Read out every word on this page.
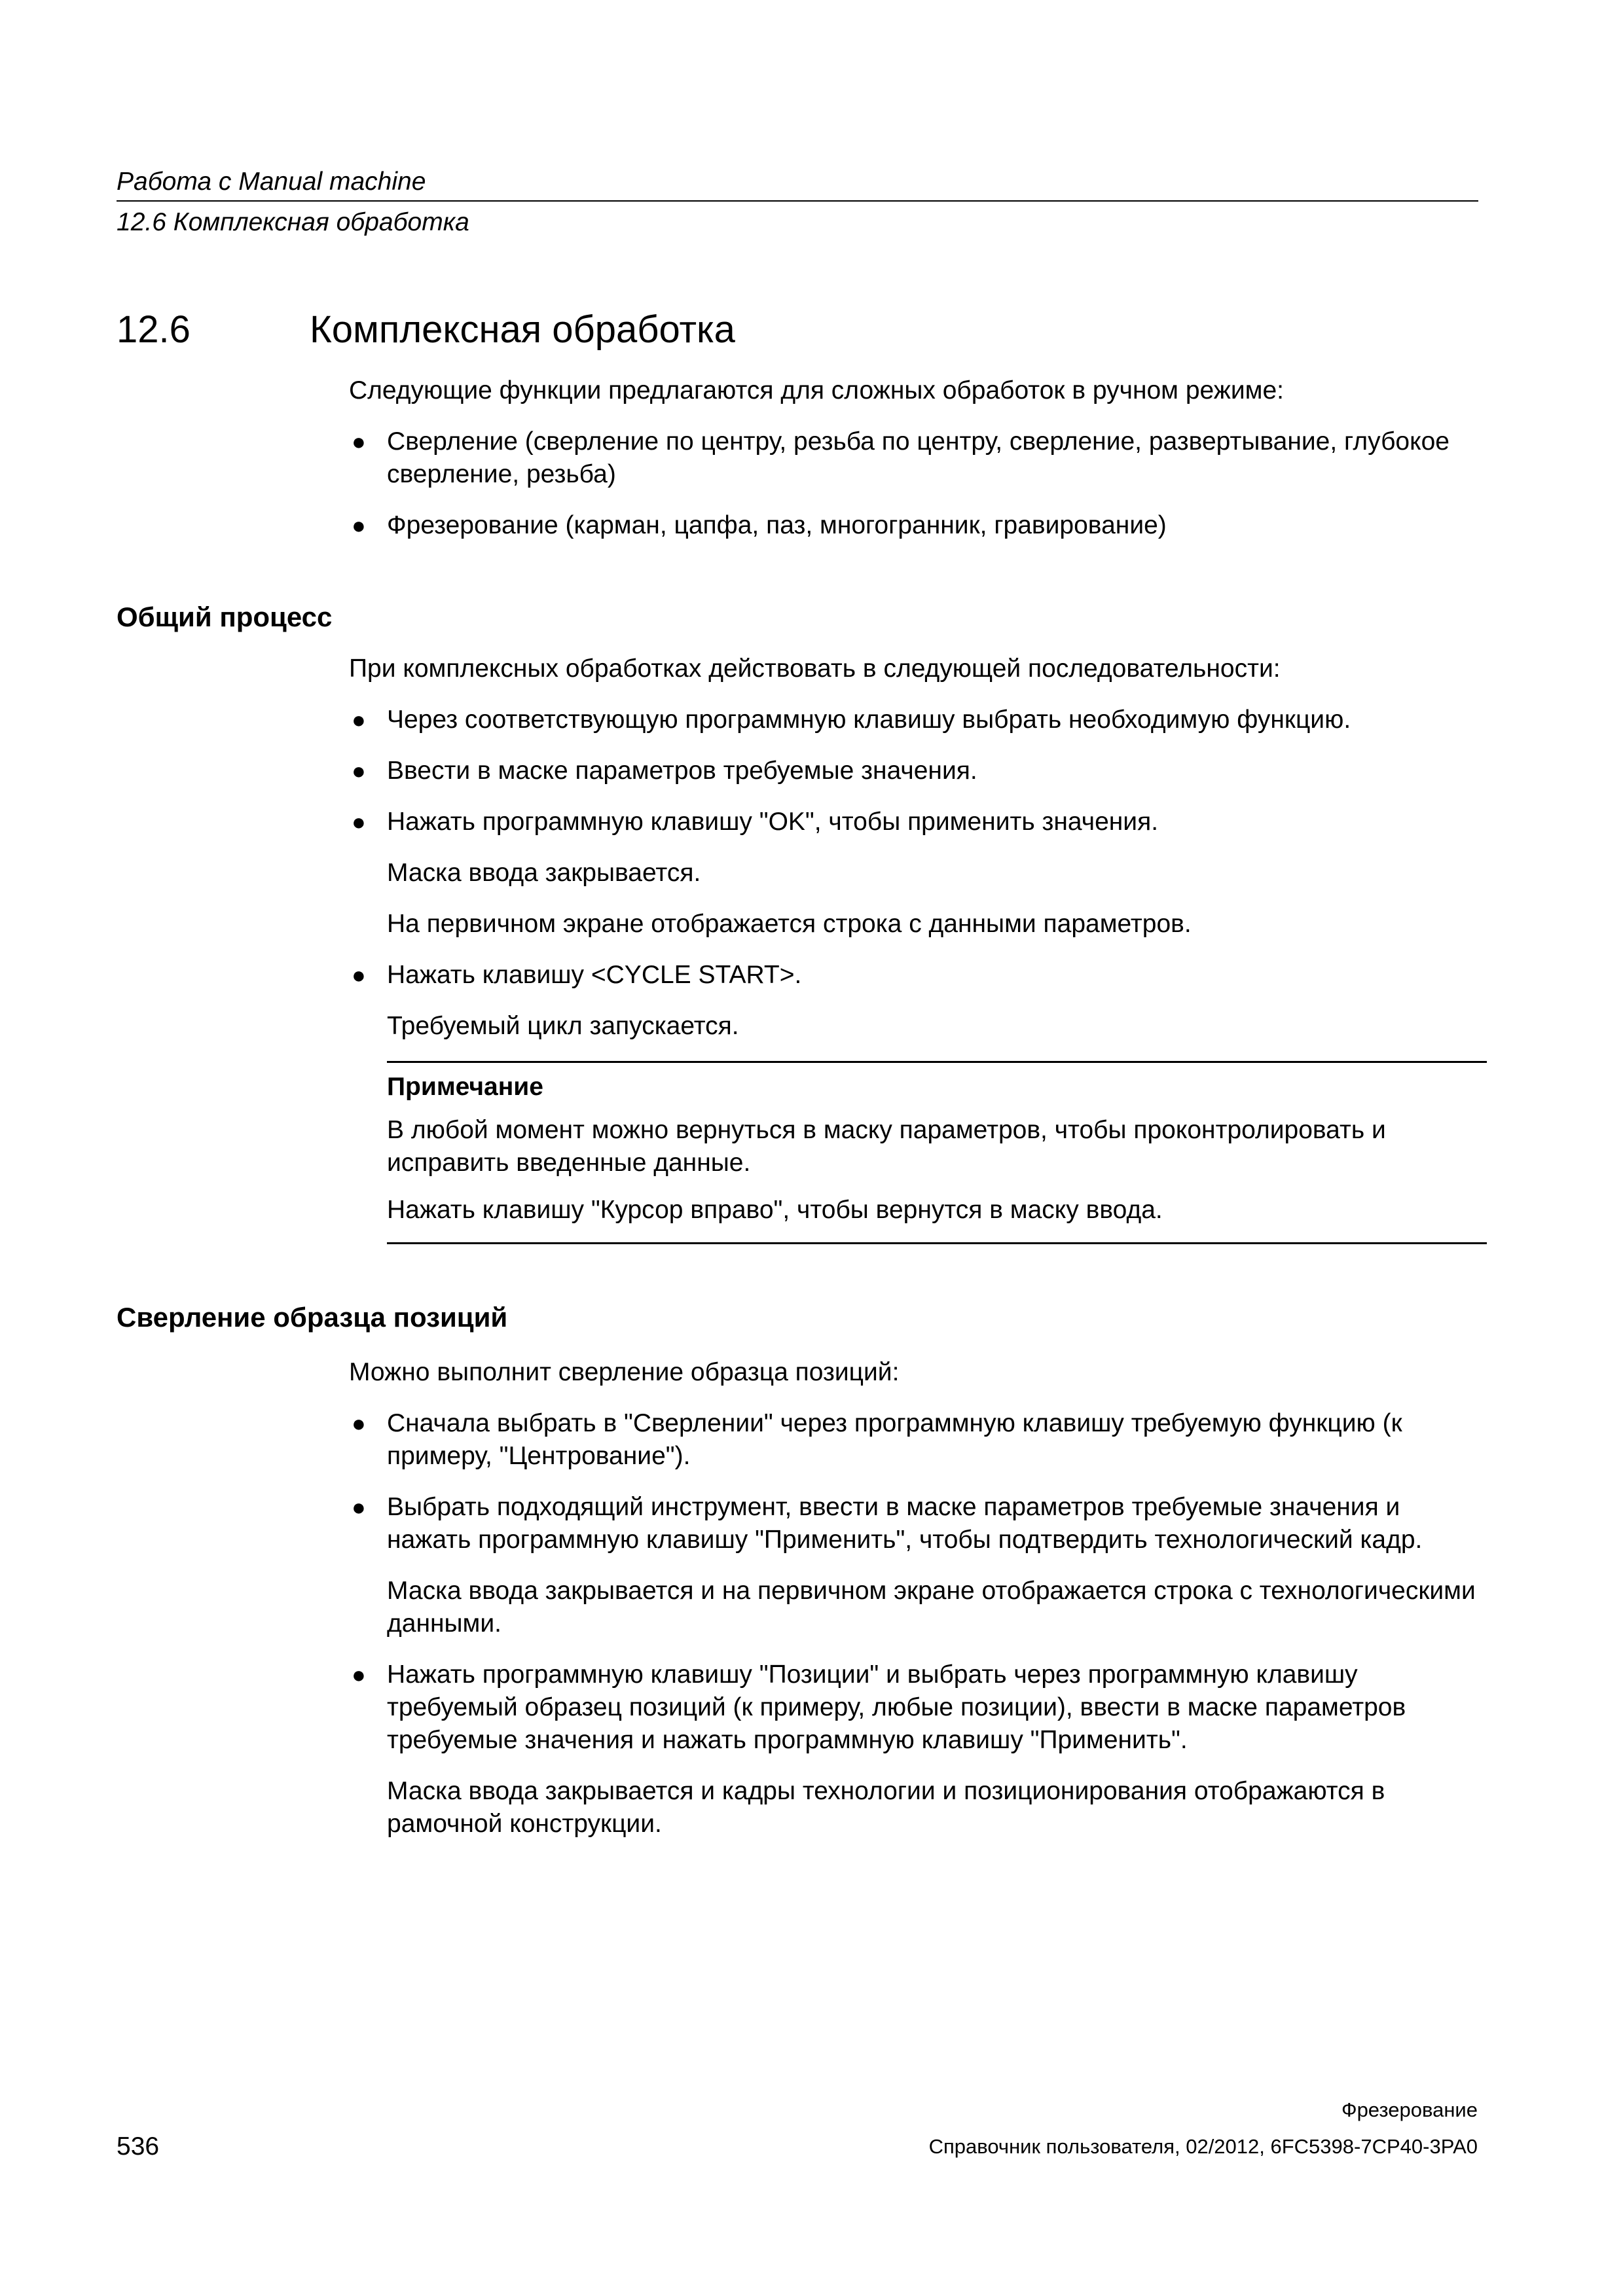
Работа с Manual machine
12.6 Комплексная обработка
12.6	Комплексная обработка
Следующие функции предлагаются для сложных обработок в ручном режиме:
● Сверление (сверление по центру, резьба по центру, сверление, развертывание, глубокое сверление, резьба)
● Фрезерование (карман, цапфа, паз, многогранник, гравирование)
Общий процесс
При комплексных обработках действовать в следующей последовательности:
● Через соответствующую программную клавишу выбрать необходимую функцию.
● Ввести в маске параметров требуемые значения.
● Нажать программную клавишу "OK", чтобы применить значения.
Маска ввода закрывается.
На первичном экране отображается строка с данными параметров.
● Нажать клавишу <CYCLE START>.
Требуемый цикл запускается.
Примечание
В любой момент можно вернуться в маску параметров, чтобы проконтролировать и исправить введенные данные.
Нажать клавишу "Курсор вправо", чтобы вернутся в маску ввода.
Сверление образца позиций
Можно выполнит сверление образца позиций:
● Сначала выбрать в "Сверлении" через программную клавишу требуемую функцию (к примеру, "Центрование").
● Выбрать подходящий инструмент, ввести в маске параметров требуемые значения и нажать программную клавишу "Применить", чтобы подтвердить технологический кадр.
Маска ввода закрывается и на первичном экране отображается строка с технологическими данными.
● Нажать программную клавишу "Позиции" и выбрать через программную клавишу требуемый образец позиций (к примеру, любые позиции), ввести в маске параметров требуемые значения и нажать программную клавишу "Применить".
Маска ввода закрывается и кадры технологии и позиционирования отображаются в рамочной конструкции.
Фрезерование
536	Справочник пользователя, 02/2012, 6FC5398-7CP40-3PA0
